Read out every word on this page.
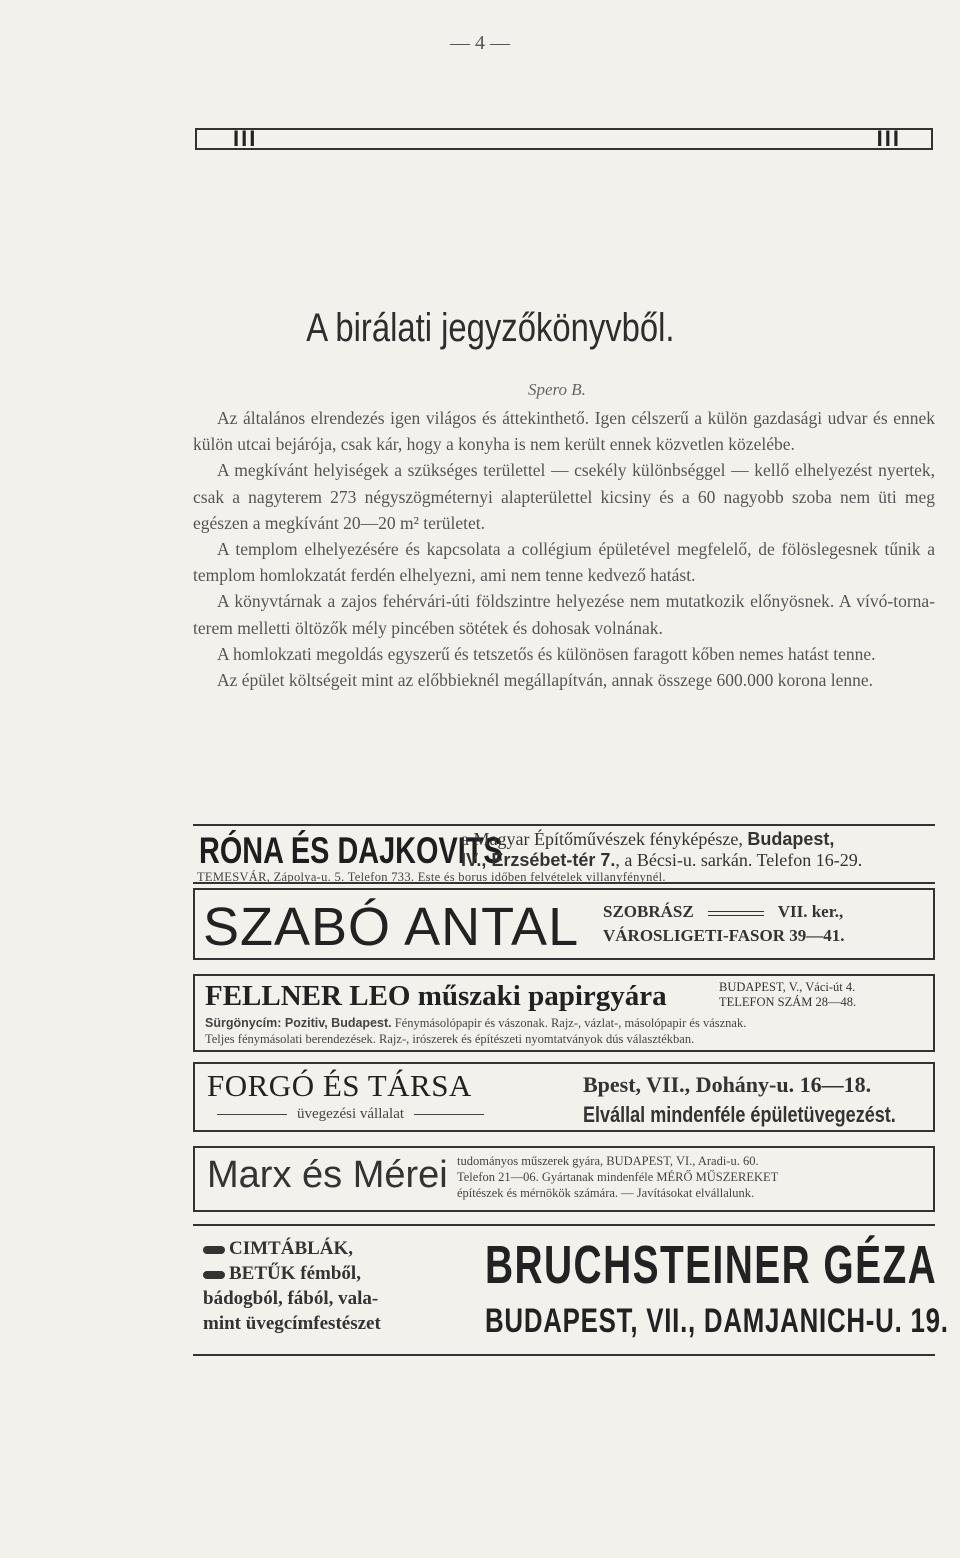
— 4 —
III	III
A birálati jegyzőkönyvből.
Spero B.

Az általános elrendezés igen világos és áttekinthető. Igen célszerű a külön gazdasági udvar és ennek külön utcai bejárója, csak kár, hogy a konyha is nem került ennek közvetlen közelébe.

A megkívánt helyiségek a szükséges területtel — csekély különbséggel — kellő elhelyezést nyertek, csak a nagyterem 273 négyszögméternyi alapterülettel kicsiny és a 60 nagyobb szoba nem üti meg egészen a megkívánt 20—20 m² területet.

A templom elhelyezésére és kapcsolata a collégium épületével megfelelő, de fölöslegesnek tűnik a templom homlokzatát ferdén elhelyezni, ami nem tenne kedvező hatást.

A könyvtárnak a zajos fehérvári-úti földszintre helyezése nem mutatkozik előnyösnek. A vívó-torna-terem melletti öltözők mély pincében sötétek és dohosak volnának.

A homlokzati megoldás egyszerű és tetszetős és különösen faragott kőben nemes hatást tenne.

Az épület költségeit mint az előbbieknél megállapítván, annak összege 600.000 korona lenne.

RÓNA ÉS DAJKOVITS
a Magyar Építőművészek fényképésze, Budapest,
IV., Erzsébet-tér 7., a Bécsi-u. sarkán. Telefon 16-29.
TEMESVÁR, Zápolya-u. 5. Telefon 733. Este és borus időben felvételek villanyfénynél.
SZABÓ ANTAL SZOBRÁSZ	VII. ker.,
VÁROSLIGETI-FASOR 39—41.
FELLNER LEO műszaki papirgyára	BUDAPEST, V., Váci-út 4.
TELEFON SZÁM 28—48.
Sürgönycím: Pozitiv, Budapest. Fénymásolópapir és vászonak. Rajz-, vázlat-, másolópapir és vásznak.
Teljes fénymásolati berendezések. Rajz-, irószerek és építészeti nyomtatványok dús választékban.
FORGÓ ÉS TÁRSA
üvegezési vállalat
Bpest, VII., Dohány-u. 16—18.
Elvállal mindenféle épületüvegezést.
Marx és Mérei tudományos műszerek gyára, BUDAPEST, VI., Aradi-u. 60.
Telefon 21—06. Gyártanak mindenféle MÉRŐ MŰSZEREKET
építészek és mérnökök számára. — Javításokat elvállalunk.
CIMTÁBLÁK,
BETŰK fémből,
bádogból, fából, vala-
mint üvegcímfestészet
BRUCHSTEINER GÉZA
BUDAPEST, VII., DAMJANICH-U. 19.
